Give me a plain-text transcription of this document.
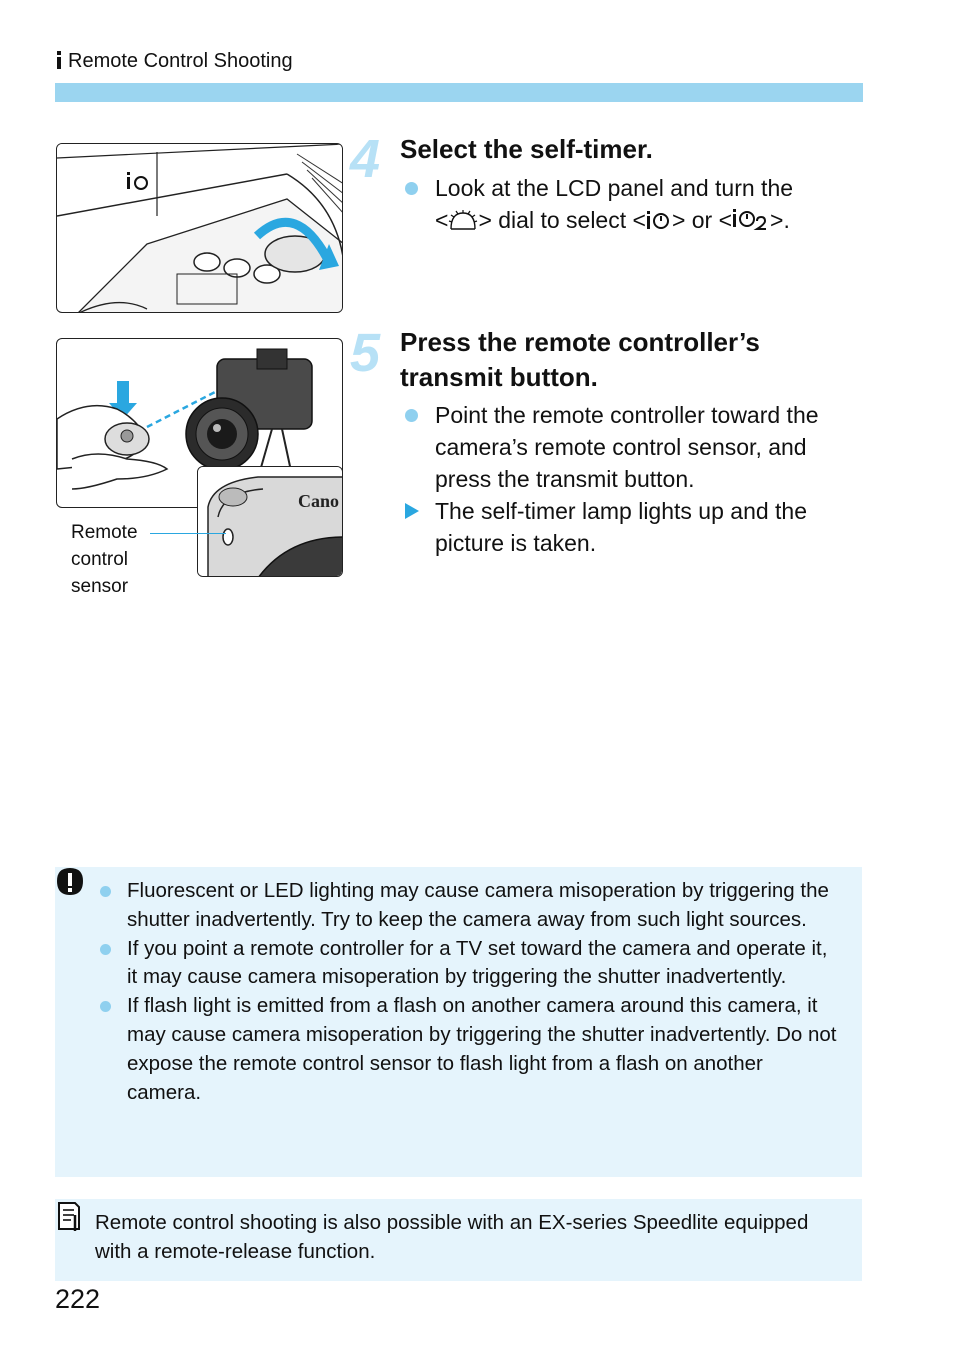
Remote Control Shooting
Cano
Remote
control
sensor
4 Select the self-timer.
Look at the LCD panel and turn the
< > dial to select < > or < >.
5 Press the remote controller’s
transmit button.
Point the remote controller toward the camera’s remote control sensor, and press the transmit button.
The self-timer lamp lights up and the picture is taken.
Fluorescent or LED lighting may cause camera misoperation by triggering the shutter inadvertently. Try to keep the camera away from such light sources.
If you point a remote controller for a TV set toward the camera and operate it, it may cause camera misoperation by triggering the shutter inadvertently.
If flash light is emitted from a flash on another camera around this camera, it may cause camera misoperation by triggering the shutter inadvertently. Do not expose the remote control sensor to flash light from a flash on another camera.
Remote control shooting is also possible with an EX-series Speedlite equipped with a remote-release function.
222
